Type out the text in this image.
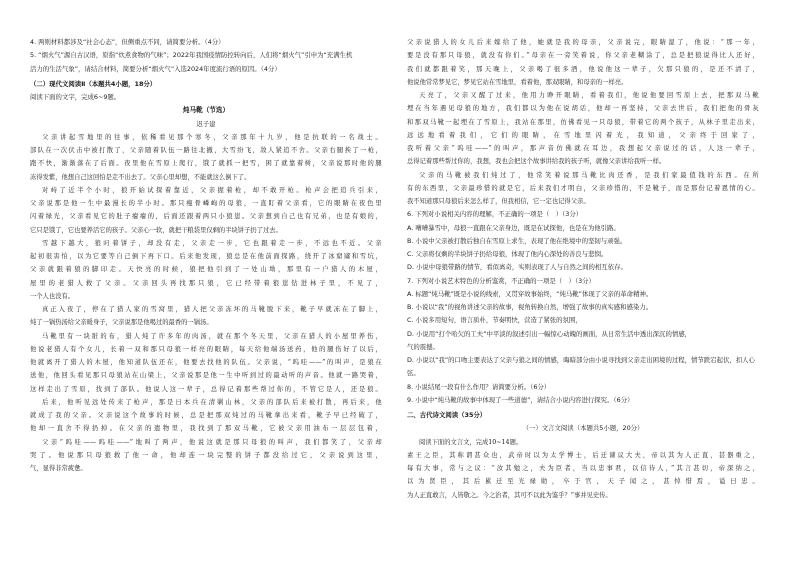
4. 两则材料都涉及“社会心态”，但侧重点不同，请简要分析。（4分）
5. “烟火气”源自古汉语，原指“炊煮食物的气味”；2022年我国疫情防控转向后，人们将“烟火气”引申为“充满生机
活力的生活气象”，请结合材料，简要分析“烟火气”入选2024年度流行语的原因。（4分）
（二）现代文阅读Ⅱ（本题共4小题，18分）
阅读下面的文字，完成6~9题。
炖马靴（节选）
迟子建
父亲讲起雪地里的往事，依稀看见那个寒冬，父亲那年十九岁，他是抗联的一名战士。
部队在一次伏击中被打散了，父亲随着队伍一路往北撤，大雪纷飞，敌人紧追不舍。父亲右腿挨了一枪，
跑不快，渐渐落在了后面。夜里他在雪原上爬行，饿了就抓一把雪，困了就靠着树，父亲说那时他的腿
冻得发紫，他想自己这回怕是走不出去了。父亲心里却想，不能就这么倒下了。
对峙了近半个小时，狼开始试探着靠近，父亲握着枪，却不敢开枪。枪声会把追兵引来，
父亲说那是他一生中最漫长的半小时。那只瘦骨嶙峋的母狼，一直盯着父亲看，它的眼睛在夜色里
闪着绿光，父亲看见它的肚子瘪瘪的，后面还跟着两只小狼崽。父亲想到自己也有兄弟，也是有娘的，
它只是饿了，它也要养活它的孩子。父亲心一软，就把干粮袋里仅剩的半块饼子扔了过去。
雪越下越大，狼叼着饼子，却没有走，父亲走一步，它也跟着走一步，不远也不近。父亲
起初很害怕，以为它要等自己倒下再下口。后来他发现，狼总是在他前面探路，绕开了冰窟窿和雪坑，
父亲就跟着狼的脚印走。天快亮的时候，狼把他引到了一处山坳，那里有一户猎人的木屋，
屋里的老猎人救了父亲。父亲回头再找那只狼，它已经带着狼崽钻进林子里，不见了，
一个人也没有。
真正入夜了，停在了猎人家的雪窝里，猎人把父亲冻坏的马靴脱下来，靴子早就冻在了脚上，
炖了一锅热汤给父亲暖身子，父亲说那是他喝过的最香的一锅汤。
马靴里有一块脏的布，猎人炖了许多年的肉汤，就在那个冬天里，父亲在猎人的小屋里养伤，
他说老猎人有个女儿，长着一双和那只母狼一样亮的眼睛，每天给他端汤送药，他的腿伤好了以后，
他就离开了猎人的木屋，他知道队伍还在，他要去找他的队伍。父亲说，“呜哇——”的叫声，是狼在
送他，他回头看见那只母狼站在山梁上，父亲说那是他一生中听到过的最动听的声音。他就一路哭着，
这样走出了雪原，找到了部队。他说人这一辈子，总得记着那些帮过你的，不管它是人，还是狼。
后来，他听见远处传来了枪声，那是日本兵在清剿山林，父亲的部队后来被打散，再后来，他
就成了我的父亲。父亲说这个故事的时候，总是把那双炖过的马靴拿出来看，靴子早已经破了，
他却一直舍不得扔掉。在父亲的遗物里，我找到了那双马靴，它被父亲用油布一层层包着，
父亲“呜哇——呜哇——”地叫了两声，他说这就是那只母狼的叫声，我们都笑了，父亲却
哭了。他说那只母狼救了他一命，他却连一块完整的饼子都没给过它，父亲说到这里，
气，显得非常疲惫。
父亲说猎人的女儿后来嫁给了他，她就是我的母亲，父亲说完，眼睛湿了，他说：“那一年，
要是没有那只母狼，就没有你们。”母亲在一旁笑着说，你父亲老糊涂了，总是把狼说得比人还好，
我们就都跟着笑，那天晚上，父亲喝了很多酒，他说他这一辈子，欠那只狼的，是还不清了，
他说他常常梦见它，梦见它站在雪地里，看着他，那双眼睛，和母亲的一样亮。
天亮了，父亲又醒了过来，他用力睁开眼睛，看着我们，他说他要回雪原上去，把那双马靴
埋在当年遇见母狼的地方，我们都以为他在说胡话，他却一再坚持，父亲去世后，我们把他的骨灰
和那双马靴一起埋在了雪原上，我站在那里，仿佛看见一只母狼，带着它的两个孩子，从林子里走出来，
远远地看着我们，它们的眼睛，在雪地里闪着光，我知道，父亲终于回家了，
我听着父亲“呜哇——”的叫声，那声音仿佛就在耳边，我想起父亲说过的话，人这一辈子，
总得记着那些帮过你的，我想，我也会把这个故事讲给我的孩子听，就像父亲讲给我听一样。
父亲的马靴被我们炖过了，他常笑着说那马靴比肉还香，是我们家最值钱的东西。在所
有的东西里，父亲最珍惜的就是它，后来我们才明白，父亲珍惜的，不是靴子，而是那份记着恩情的心。
我不知道那只母狼后来怎么样了，但我相信，它一定也记得父亲。
6. 下列对小说相关内容的理解，不正确的一项是（　）（3分）
A. 嘈嘈暴雪中，母狼一直跟在父亲身边，既是在试探他，也是在为他引路。
B. 小说中父亲被打散后独自在雪原上求生，表现了他在绝境中的坚韧与顽强。
C. 父亲将仅剩的半块饼子扔给母狼，体现了他内心深处的善良与悲悯。
D. 小说中母狼带路的情节，看似离奇，实则表现了人与自然之间的相互依存。
7. 下列对小说艺术特色的分析鉴赏，不正确的一项是（　）（3分）
A. 标题“炖马靴”既是小说的线索，又贯穿故事始终，“炖马靴”体现了父亲的革命精神。
B. 小说以“我”的视角讲述父亲的故事，视角转换自然，增强了故事的真实感和感染力。
C. 小说多用短句，语言质朴，节奏明快，营造了紧张的氛围，
D. 小说用“打个哈欠的工夫”中平淡的叙述引出一幅惊心动魄的画面，从日常生活中透出深沉的情感，
气的震撼。
D. 小说以“我”的口吻主要表达了父亲与狼之间的情感，晦暗部分由小说寻找到父亲走出困境的过程，情节跌宕起伏，扣人心
弦。
8. 小说结尾一段有什么作用？请简要分析。（6分）
9. 小说中“炖马靴的故事中体现了一些道德”，请结合小说内容进行探究。（6分）
二、古代诗文阅读（35分）
（一）文言文阅读（本题共5小题，20分）
阅读下面的文言文，完成10~14题。
素王之臣，其称谓甚众也，武帝时以为太学博士，后迁谏议大夫，帝以其为人正直，甚器重之，
每有大事，常与之议：“汝其勉之，夫为臣者，当以忠事君，以信待人，”其言甚切，帝深纳之，
以为贤臣，其后累迁至光禄勋，卒于官，天子闻之，甚悼惜焉，谥曰忠。
为人正直敢言，人皆敬之。今之治者，其可不以此为鉴乎？”事并见史传。
